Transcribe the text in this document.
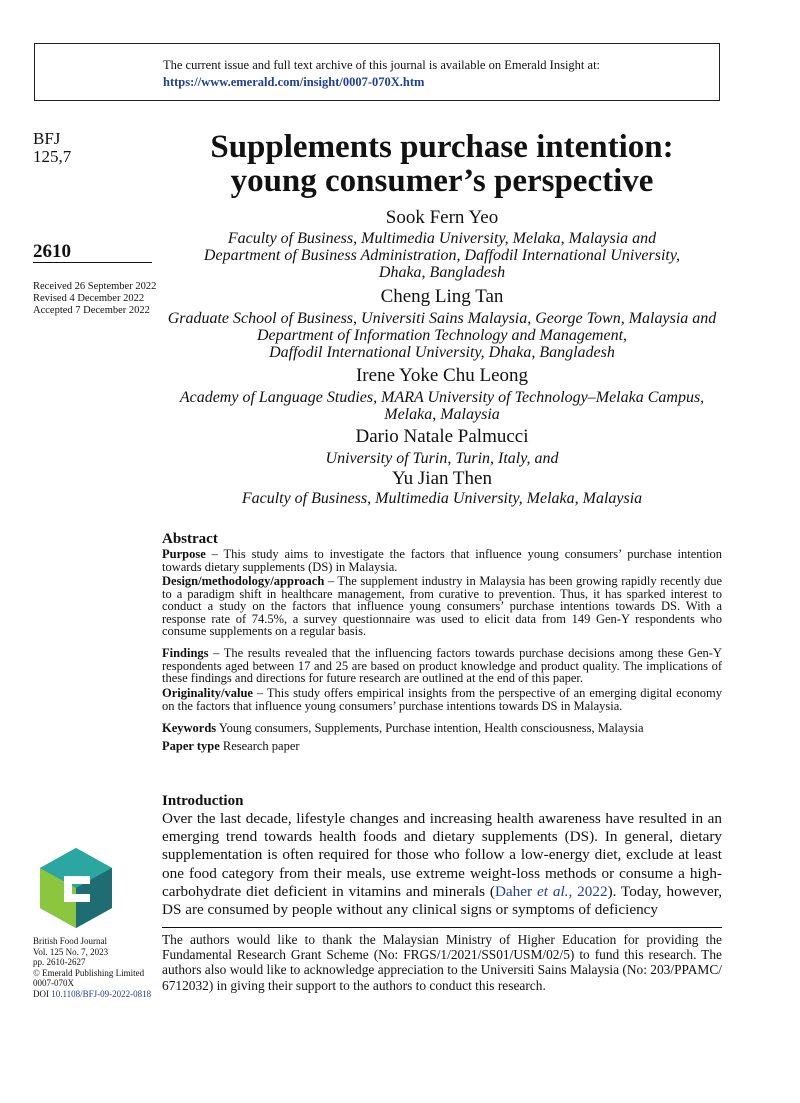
The current issue and full text archive of this journal is available on Emerald Insight at:
https://www.emerald.com/insight/0007-070X.htm
BFJ
125,7
2610
Received 26 September 2022
Revised 4 December 2022
Accepted 7 December 2022
Supplements purchase intention:
young consumer’s perspective
Sook Fern Yeo
Faculty of Business, Multimedia University, Melaka, Malaysia and
Department of Business Administration, Daffodil International University,
Dhaka, Bangladesh
Cheng Ling Tan
Graduate School of Business, Universiti Sains Malaysia, George Town, Malaysia and
Department of Information Technology and Management,
Daffodil International University, Dhaka, Bangladesh
Irene Yoke Chu Leong
Academy of Language Studies, MARA University of Technology–Melaka Campus,
Melaka, Malaysia
Dario Natale Palmucci
University of Turin, Turin, Italy, and
Yu Jian Then
Faculty of Business, Multimedia University, Melaka, Malaysia
Abstract
Purpose – This study aims to investigate the factors that influence young consumers’ purchase intention towards dietary supplements (DS) in Malaysia.
Design/methodology/approach – The supplement industry in Malaysia has been growing rapidly recently due to a paradigm shift in healthcare management, from curative to prevention. Thus, it has sparked interest to conduct a study on the factors that influence young consumers’ purchase intentions towards DS. With a response rate of 74.5%, a survey questionnaire was used to elicit data from 149 Gen-Y respondents who consume supplements on a regular basis.
Findings – The results revealed that the influencing factors towards purchase decisions among these Gen-Y respondents aged between 17 and 25 are based on product knowledge and product quality. The implications of these findings and directions for future research are outlined at the end of this paper.
Originality/value – This study offers empirical insights from the perspective of an emerging digital economy on the factors that influence young consumers’ purchase intentions towards DS in Malaysia.
Keywords Young consumers, Supplements, Purchase intention, Health consciousness, Malaysia
Paper type Research paper
Introduction
Over the last decade, lifestyle changes and increasing health awareness have resulted in an emerging trend towards health foods and dietary supplements (DS). In general, dietary supplementation is often required for those who follow a low-energy diet, exclude at least one food category from their meals, use extreme weight-loss methods or consume a high-carbohydrate diet deficient in vitamins and minerals (Daher et al., 2022). Today, however, DS are consumed by people without any clinical signs or symptoms of deficiency
The authors would like to thank the Malaysian Ministry of Higher Education for providing the Fundamental Research Grant Scheme (No: FRGS/1/2021/SS01/USM/02/5) to fund this research. The authors also would like to acknowledge appreciation to the Universiti Sains Malaysia (No: 203/PPAMC/ 6712032) in giving their support to the authors to conduct this research.
British Food Journal
Vol. 125 No. 7, 2023
pp. 2610-2627
© Emerald Publishing Limited
0007-070X
DOI 10.1108/BFJ-09-2022-0818
